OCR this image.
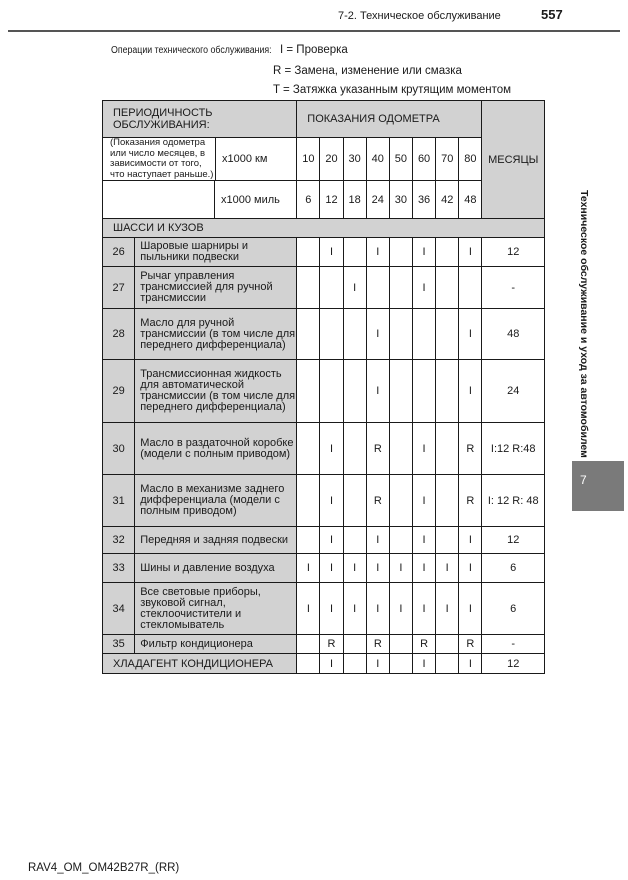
7-2. Техническое обслуживание	557
Операции технического обслуживания: I = Проверка
R = Замена, изменение или смазка
T = Затяжка указанным крутящим моментом
ПЕРИОДИЧНОСТЬ ОБСЛУЖИВАНИЯ:		ПОКАЗАНИЯ ОДОМЕТРА								МЕСЯЦЫ

(Показания одометра или число месяцев, в зависимости от того, что наступает раньше.)
x1000 км		10	20	30	40	50	60	70	80	

x1000 миль		6	12	18	24	30	36	42	48	
ШАССИ И КУЗОВ										
26	Шаровые шарниры и пыльники подвески		I		I		I		I	12
27	Рычаг управления трансмиссией для ручной трансмиссии			I			I			-
28	Масло для ручной трансмиссии (в том числе для переднего дифференциала)				I				I	48
29	Трансмиссионная жидкость для автоматической трансмиссии (в том числе для переднего дифференциала)				I				I	24
30	Масло в раздаточной коробке (модели с полным приводом)		I		R		I		R	I:12 R:48
31	Масло в механизме заднего дифференциала (модели с полным приводом)		I		R		I		R	I: 12 R: 48
32	Передняя и задняя подвески		I		I		I		I	12
33	Шины и давление воздуха	I	I	I	I	I	I	I	I	6
34	Все световые приборы, звуковой сигнал, стеклоочистители и стекломыватель	I	I	I	I	I	I	I	I	6
35	Фильтр кондиционера		R		R		R		R	-
ХЛАДАГЕНТ КОНДИЦИОНЕРА			I		I		I		I	12
Техническое обслуживание и уход за автомобилем
7
RAV4_OM_OM42B27R_(RR)
